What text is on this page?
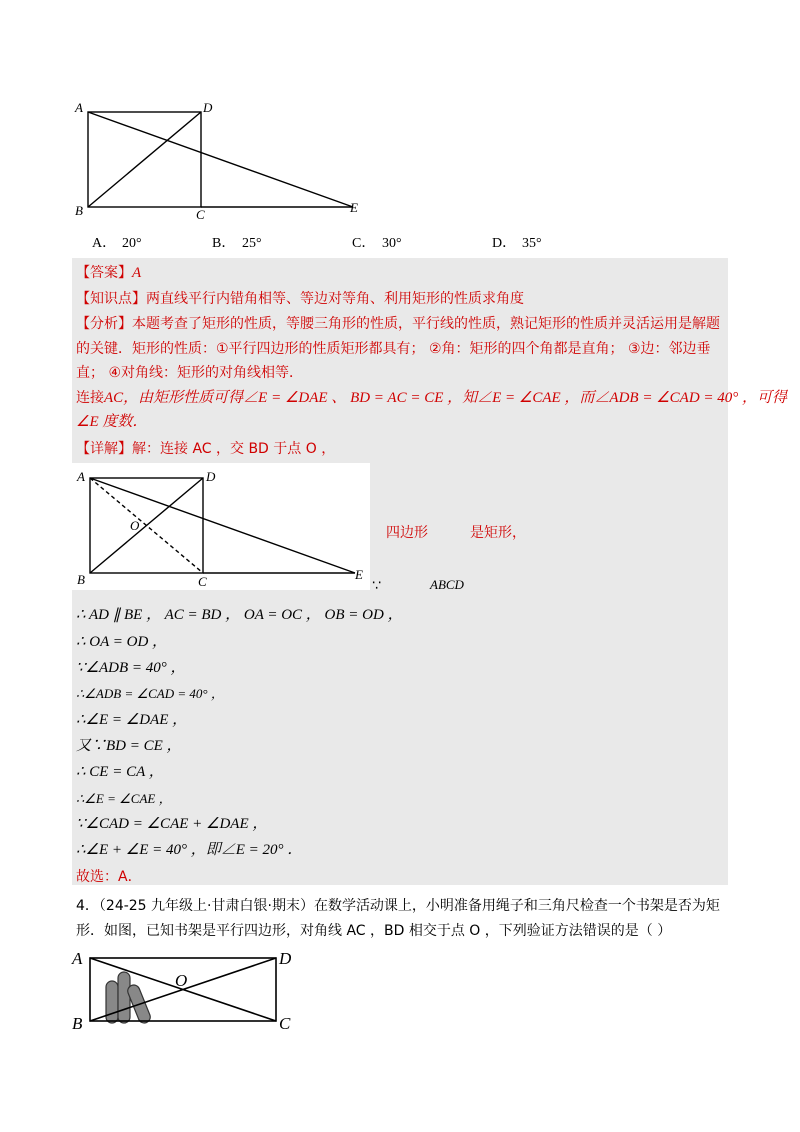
A	D
B	C	E
A． 20°	B． 25°	C． 30°	D． 35°
【答案】A
【知识点】两直线平行内错角相等、等边对等角、利用矩形的性质求角度
【分析】本题考查了矩形的性质，等腰三角形的性质，平行线的性质，熟记矩形的性质并灵活运用是解题
的关键．矩形的性质：①平行四边形的性质矩形都具有； ②角：矩形的四个角都是直角； ③边：邻边垂
直； ④对角线：矩形的对角线相等．
连接AC，由矩形性质可得∠E = ∠DAE 、 BD = AC = CE ，知∠E = ∠CAE ，而∠ADB = ∠CAD = 40° ，可得
∠E 度数．
【详解】解：连接 AC ，交 BD 于点 O ，
A	D
O
B	C	E
四边形	是矩形，
∵	ABCD
∴ AD ∥ BE ， AC = BD ， OA = OC ， OB = OD ，
∴ OA = OD ，
∵∠ADB = 40° ，
∴∠ADB = ∠CAD = 40° ，
∴∠E = ∠DAE ，
又∵BD = CE ，
∴ CE = CA ，
∴∠E = ∠CAE ，
∵∠CAD = ∠CAE + ∠DAE ，
∴∠E + ∠E = 40° ，即∠E = 20° ．
故选：A．
4．（24-25 九年级上·甘肃白银·期末）在数学活动课上，小明准备用绳子和三角尺检查一个书架是否为矩
形．如图，已知书架是平行四边形，对角线 AC ，BD 相交于点 O ，下列验证方法错误的是（ ）
A	D
O
B	C
